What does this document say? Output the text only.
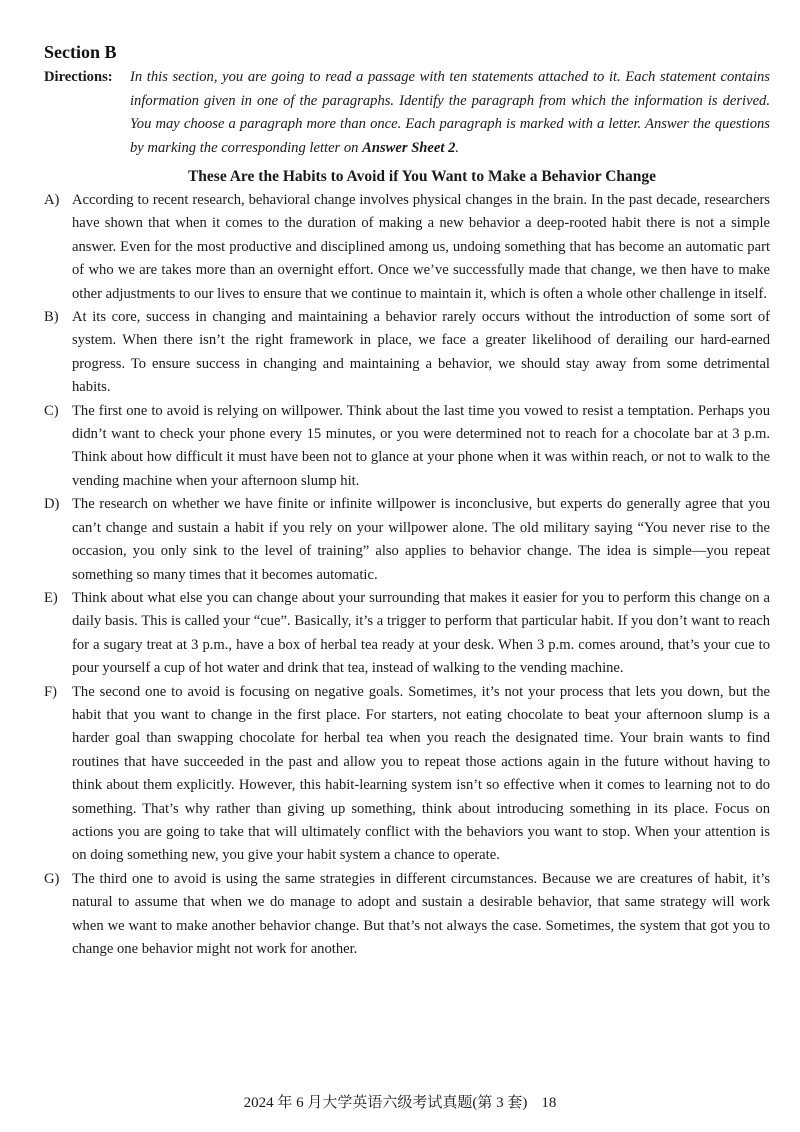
Section B
Directions: In this section, you are going to read a passage with ten statements attached to it. Each statement contains information given in one of the paragraphs. Identify the paragraph from which the information is derived. You may choose a paragraph more than once. Each paragraph is marked with a letter. Answer the questions by marking the corresponding letter on Answer Sheet 2.
These Are the Habits to Avoid if You Want to Make a Behavior Change
A) According to recent research, behavioral change involves physical changes in the brain. In the past decade, researchers have shown that when it comes to the duration of making a new behavior a deep-rooted habit there is not a simple answer. Even for the most productive and disciplined among us, undoing something that has become an automatic part of who we are takes more than an overnight effort. Once we’ve successfully made that change, we then have to make other adjustments to our lives to ensure that we continue to maintain it, which is often a whole other challenge in itself.
B) At its core, success in changing and maintaining a behavior rarely occurs without the introduction of some sort of system. When there isn’t the right framework in place, we face a greater likelihood of derailing our hard-earned progress. To ensure success in changing and maintaining a behavior, we should stay away from some detrimental habits.
C) The first one to avoid is relying on willpower. Think about the last time you vowed to resist a temptation. Perhaps you didn’t want to check your phone every 15 minutes, or you were determined not to reach for a chocolate bar at 3 p.m. Think about how difficult it must have been not to glance at your phone when it was within reach, or not to walk to the vending machine when your afternoon slump hit.
D) The research on whether we have finite or infinite willpower is inconclusive, but experts do generally agree that you can’t change and sustain a habit if you rely on your willpower alone. The old military saying “You never rise to the occasion, you only sink to the level of training” also applies to behavior change. The idea is simple—you repeat something so many times that it becomes automatic.
E) Think about what else you can change about your surrounding that makes it easier for you to perform this change on a daily basis. This is called your “cue”. Basically, it’s a trigger to perform that particular habit. If you don’t want to reach for a sugary treat at 3 p.m., have a box of herbal tea ready at your desk. When 3 p.m. comes around, that’s your cue to pour yourself a cup of hot water and drink that tea, instead of walking to the vending machine.
F)	The second one to avoid is focusing on negative goals. Sometimes, it’s not your process that lets you down, but the habit that you want to change in the first place. For starters, not eating chocolate to beat your afternoon slump is a harder goal than swapping chocolate for herbal tea when you reach the designated time. Your brain wants to find routines that have succeeded in the past and allow you to repeat those actions again in the future without having to think about them explicitly. However, this habit-learning system isn’t so effective when it comes to learning not to do something. That’s why rather than giving up something, think about introducing something in its place. Focus on actions you are going to take that will ultimately conflict with the behaviors you want to stop. When your attention is on doing something new, you give your habit system a chance to operate.
G) The third one to avoid is using the same strategies in different circumstances. Because we are creatures of habit, it’s natural to assume that when we do manage to adopt and sustain a desirable behavior, that same strategy will work when we want to make another behavior change. But that’s not always the case. Sometimes, the system that got you to change one behavior might not work for another.
2024 年 6 月大学英语六级考试真题(第 3 套) 18
